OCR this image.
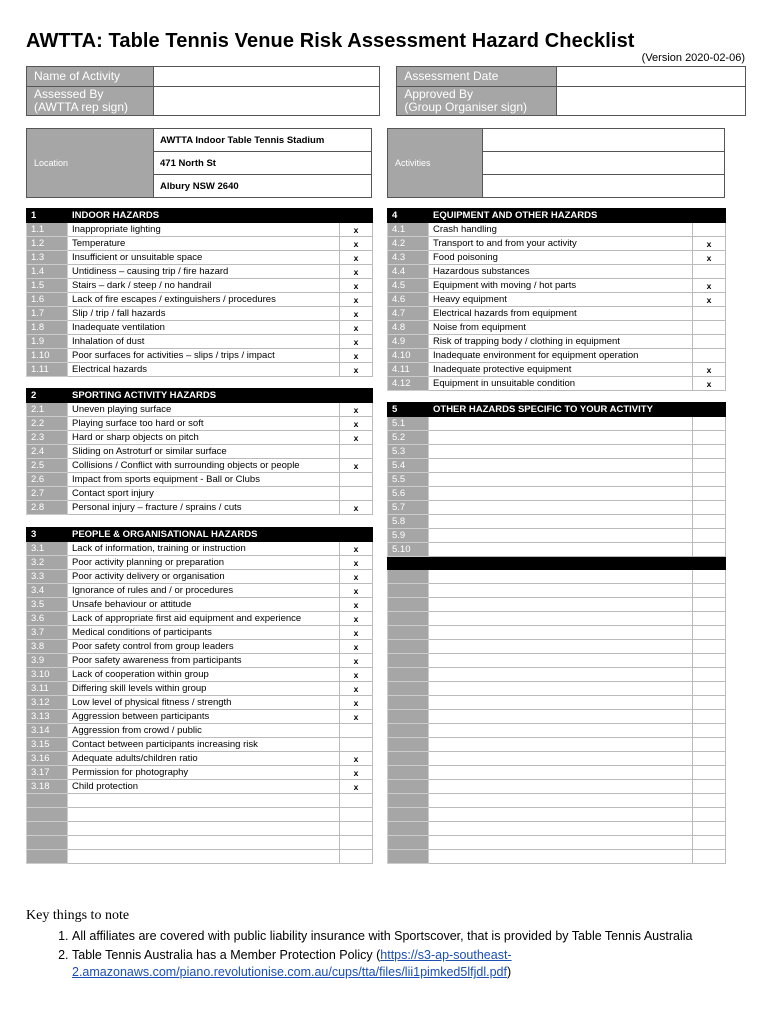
AWTTA: Table Tennis Venue Risk Assessment Hazard Checklist
(Version 2020-02-06)
Name of Activity			Assessment Date	
Assessed By
(AWTTA rep sign)			Approved By
(Group Organiser sign)	
Location	AWTTA Indoor Table Tennis Stadium
471 North St
Albury NSW 2640
Activities	

1	INDOOR HAZARDS	
1.1	Inappropriate lighting	x
1.2	Temperature	x
1.3	Insufficient or unsuitable space	x
1.4	Untidiness – causing trip / fire hazard	x
1.5	Stairs – dark / steep / no handrail	x
1.6	Lack of fire escapes / extinguishers / procedures	x
1.7	Slip / trip / fall hazards	x
1.8	Inadequate ventilation	x
1.9	Inhalation of dust	x
1.10	Poor surfaces for activities – slips / trips / impact	x
1.11	Electrical hazards	x
2	SPORTING ACTIVITY HAZARDS	
2.1	Uneven playing surface	x
2.2	Playing surface too hard or soft	x
2.3	Hard or sharp objects on pitch	x
2.4	Sliding on Astroturf or similar surface	
2.5	Collisions / Conflict with surrounding objects or people	x
2.6	Impact from sports equipment - Ball or Clubs	
2.7	Contact sport injury	
2.8	Personal injury – fracture / sprains / cuts	x
3	PEOPLE & ORGANISATIONAL HAZARDS	
3.1	Lack of information, training or instruction	x
3.2	Poor activity planning or preparation	x
3.3	Poor activity delivery or organisation	x
3.4	Ignorance of rules and / or procedures	x
3.5	Unsafe behaviour or attitude	x
3.6	Lack of appropriate first aid equipment and experience	x
3.7	Medical conditions of participants	x
3.8	Poor safety control from group leaders	x
3.9	Poor safety awareness from participants	x
3.10	Lack of cooperation within group	x
3.11	Differing skill levels within group	x
3.12	Low level of physical fitness / strength	x
3.13	Aggression between participants	x
3.14	Aggression from crowd / public	
3.15	Contact between participants increasing risk	
3.16	Adequate adults/children ratio	x
3.17	Permission for photography	x
3.18	Child protection	x

4	EQUIPMENT AND OTHER HAZARDS	
4.1	Crash handling	
4.2	Transport to and from your activity	x
4.3	Food poisoning	x
4.4	Hazardous substances	
4.5	Equipment with moving / hot parts	x
4.6	Heavy equipment	x
4.7	Electrical hazards from equipment	
4.8	Noise from equipment	
4.9	Risk of trapping body / clothing in equipment	
4.10	Inadequate environment for equipment operation	
4.11	Inadequate protective equipment	x
4.12	Equipment in unsuitable condition	x
5	OTHER HAZARDS SPECIFIC TO YOUR ACTIVITY	
5.1		
5.2		
5.3		
5.4		
5.5		
5.6		
5.7		
5.8		
5.9		
5.10		

Key things to note
1. All affiliates are covered with public liability insurance with Sportscover, that is provided by Table Tennis Australia
2. Table Tennis Australia has a Member Protection Policy (https://s3-ap-southeast-2.amazonaws.com/piano.revolutionise.com.au/cups/tta/files/lii1pimked5lfjdl.pdf)
